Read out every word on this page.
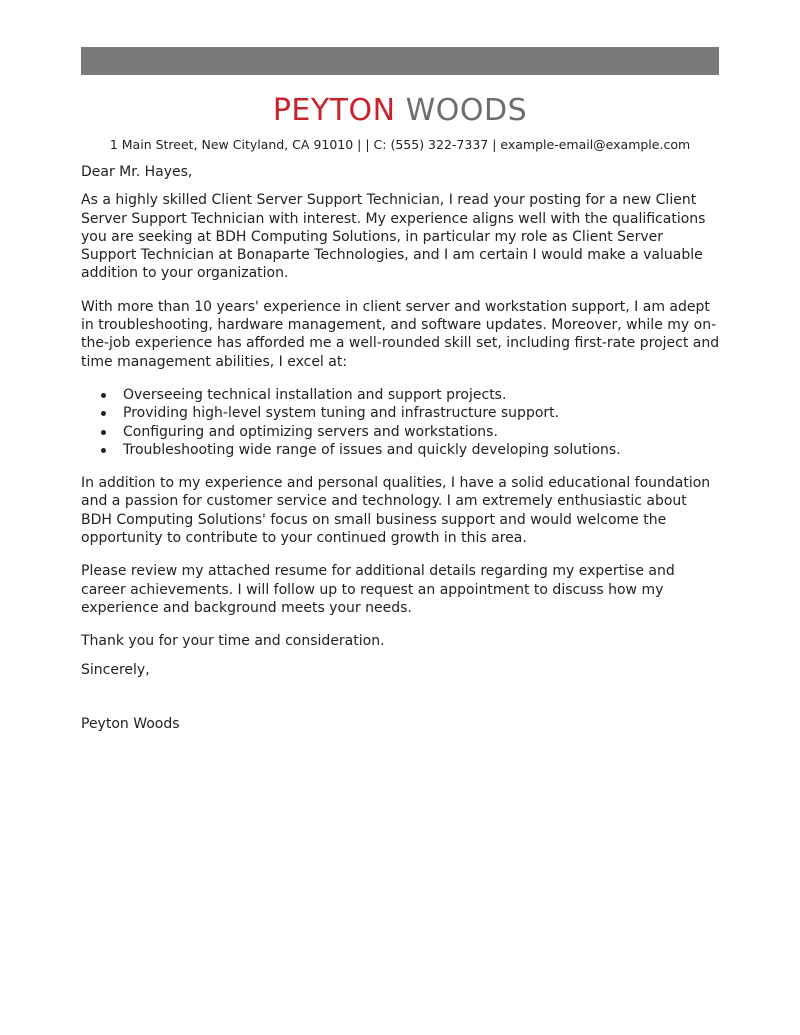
PEYTON WOODS
1 Main Street, New Cityland, CA 91010 | | C: (555) 322-7337 | example-email@example.com

Dear Mr. Hayes,

As a highly skilled Client Server Support Technician, I read your posting for a new Client Server Support Technician with interest. My experience aligns well with the qualifications you are seeking at BDH Computing Solutions, in particular my role as Client Server Support Technician at Bonaparte Technologies, and I am certain I would make a valuable addition to your organization.

With more than 10 years' experience in client server and workstation support, I am adept in troubleshooting, hardware management, and software updates. Moreover, while my on-the-job experience has afforded me a well-rounded skill set, including first-rate project and time management abilities, I excel at:

Overseeing technical installation and support projects.
Providing high-level system tuning and infrastructure support.
Configuring and optimizing servers and workstations.
Troubleshooting wide range of issues and quickly developing solutions.

In addition to my experience and personal qualities, I have a solid educational foundation and a passion for customer service and technology. I am extremely enthusiastic about BDH Computing Solutions' focus on small business support and would welcome the opportunity to contribute to your continued growth in this area.

Please review my attached resume for additional details regarding my expertise and career achievements. I will follow up to request an appointment to discuss how my experience and background meets your needs.

Thank you for your time and consideration.

Sincerely,

Peyton Woods
